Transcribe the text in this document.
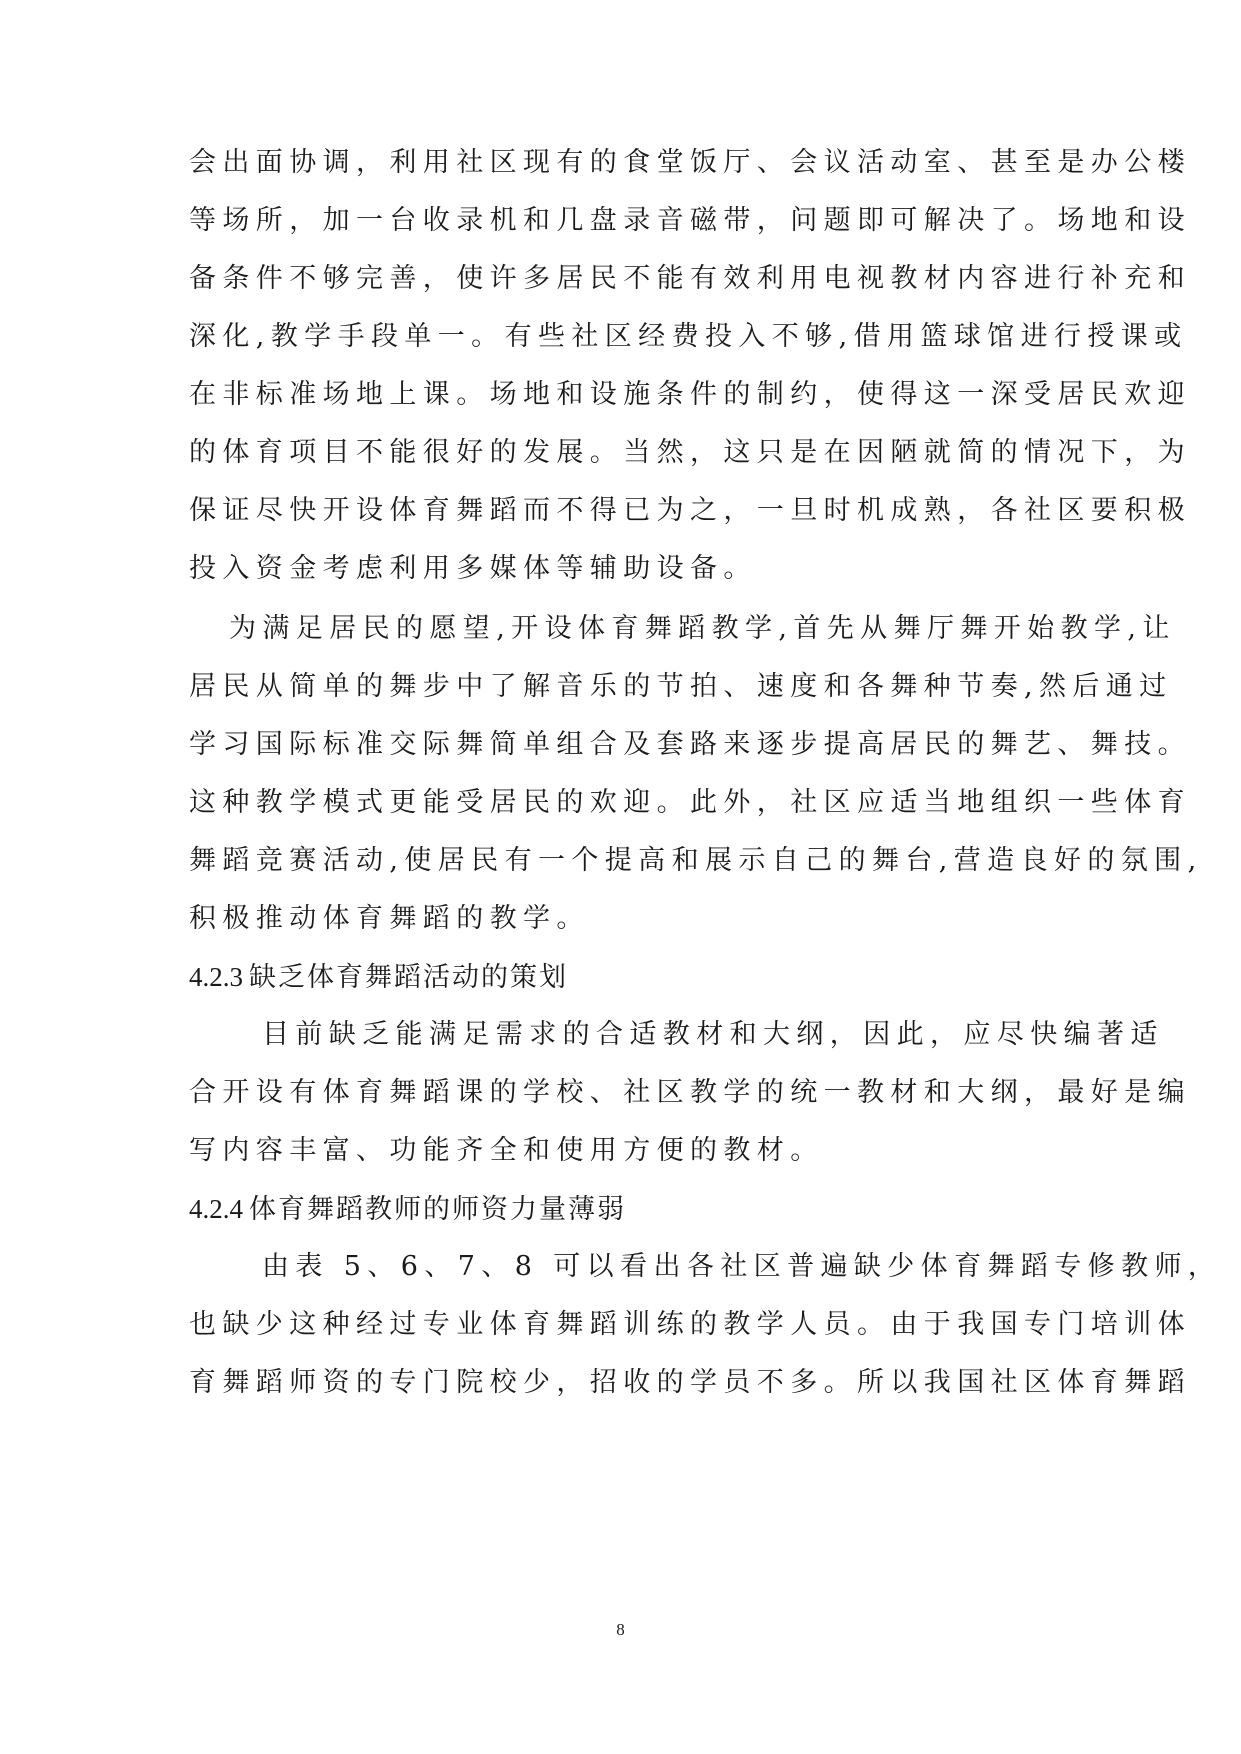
会出面协调，利用社区现有的食堂饭厅、会议活动室、甚至是办公楼
等场所，加一台收录机和几盘录音磁带，问题即可解决了。场地和设
备条件不够完善，使许多居民不能有效利用电视教材内容进行补充和
深化,教学手段单一。有些社区经费投入不够,借用篮球馆进行授课或
在非标准场地上课。场地和设施条件的制约，使得这一深受居民欢迎
的体育项目不能很好的发展。当然，这只是在因陋就简的情况下，为
保证尽快开设体育舞蹈而不得已为之，一旦时机成熟，各社区要积极
投入资金考虑利用多媒体等辅助设备。
为满足居民的愿望,开设体育舞蹈教学,首先从舞厅舞开始教学,让
居民从简单的舞步中了解音乐的节拍、速度和各舞种节奏,然后通过
学习国际标准交际舞简单组合及套路来逐步提高居民的舞艺、舞技。
这种教学模式更能受居民的欢迎。此外，社区应适当地组织一些体育
舞蹈竞赛活动,使居民有一个提高和展示自己的舞台,营造良好的氛围,
积极推动体育舞蹈的教学。
4.2.3 缺乏体育舞蹈活动的策划
目前缺乏能满足需求的合适教材和大纲，因此，应尽快编著适
合开设有体育舞蹈课的学校、社区教学的统一教材和大纲，最好是编
写内容丰富、功能齐全和使用方便的教材。
4.2.4 体育舞蹈教师的师资力量薄弱
由表 5、6、7、8 可以看出各社区普遍缺少体育舞蹈专修教师，
也缺少这种经过专业体育舞蹈训练的教学人员。由于我国专门培训体
育舞蹈师资的专门院校少，招收的学员不多。所以我国社区体育舞蹈
8
